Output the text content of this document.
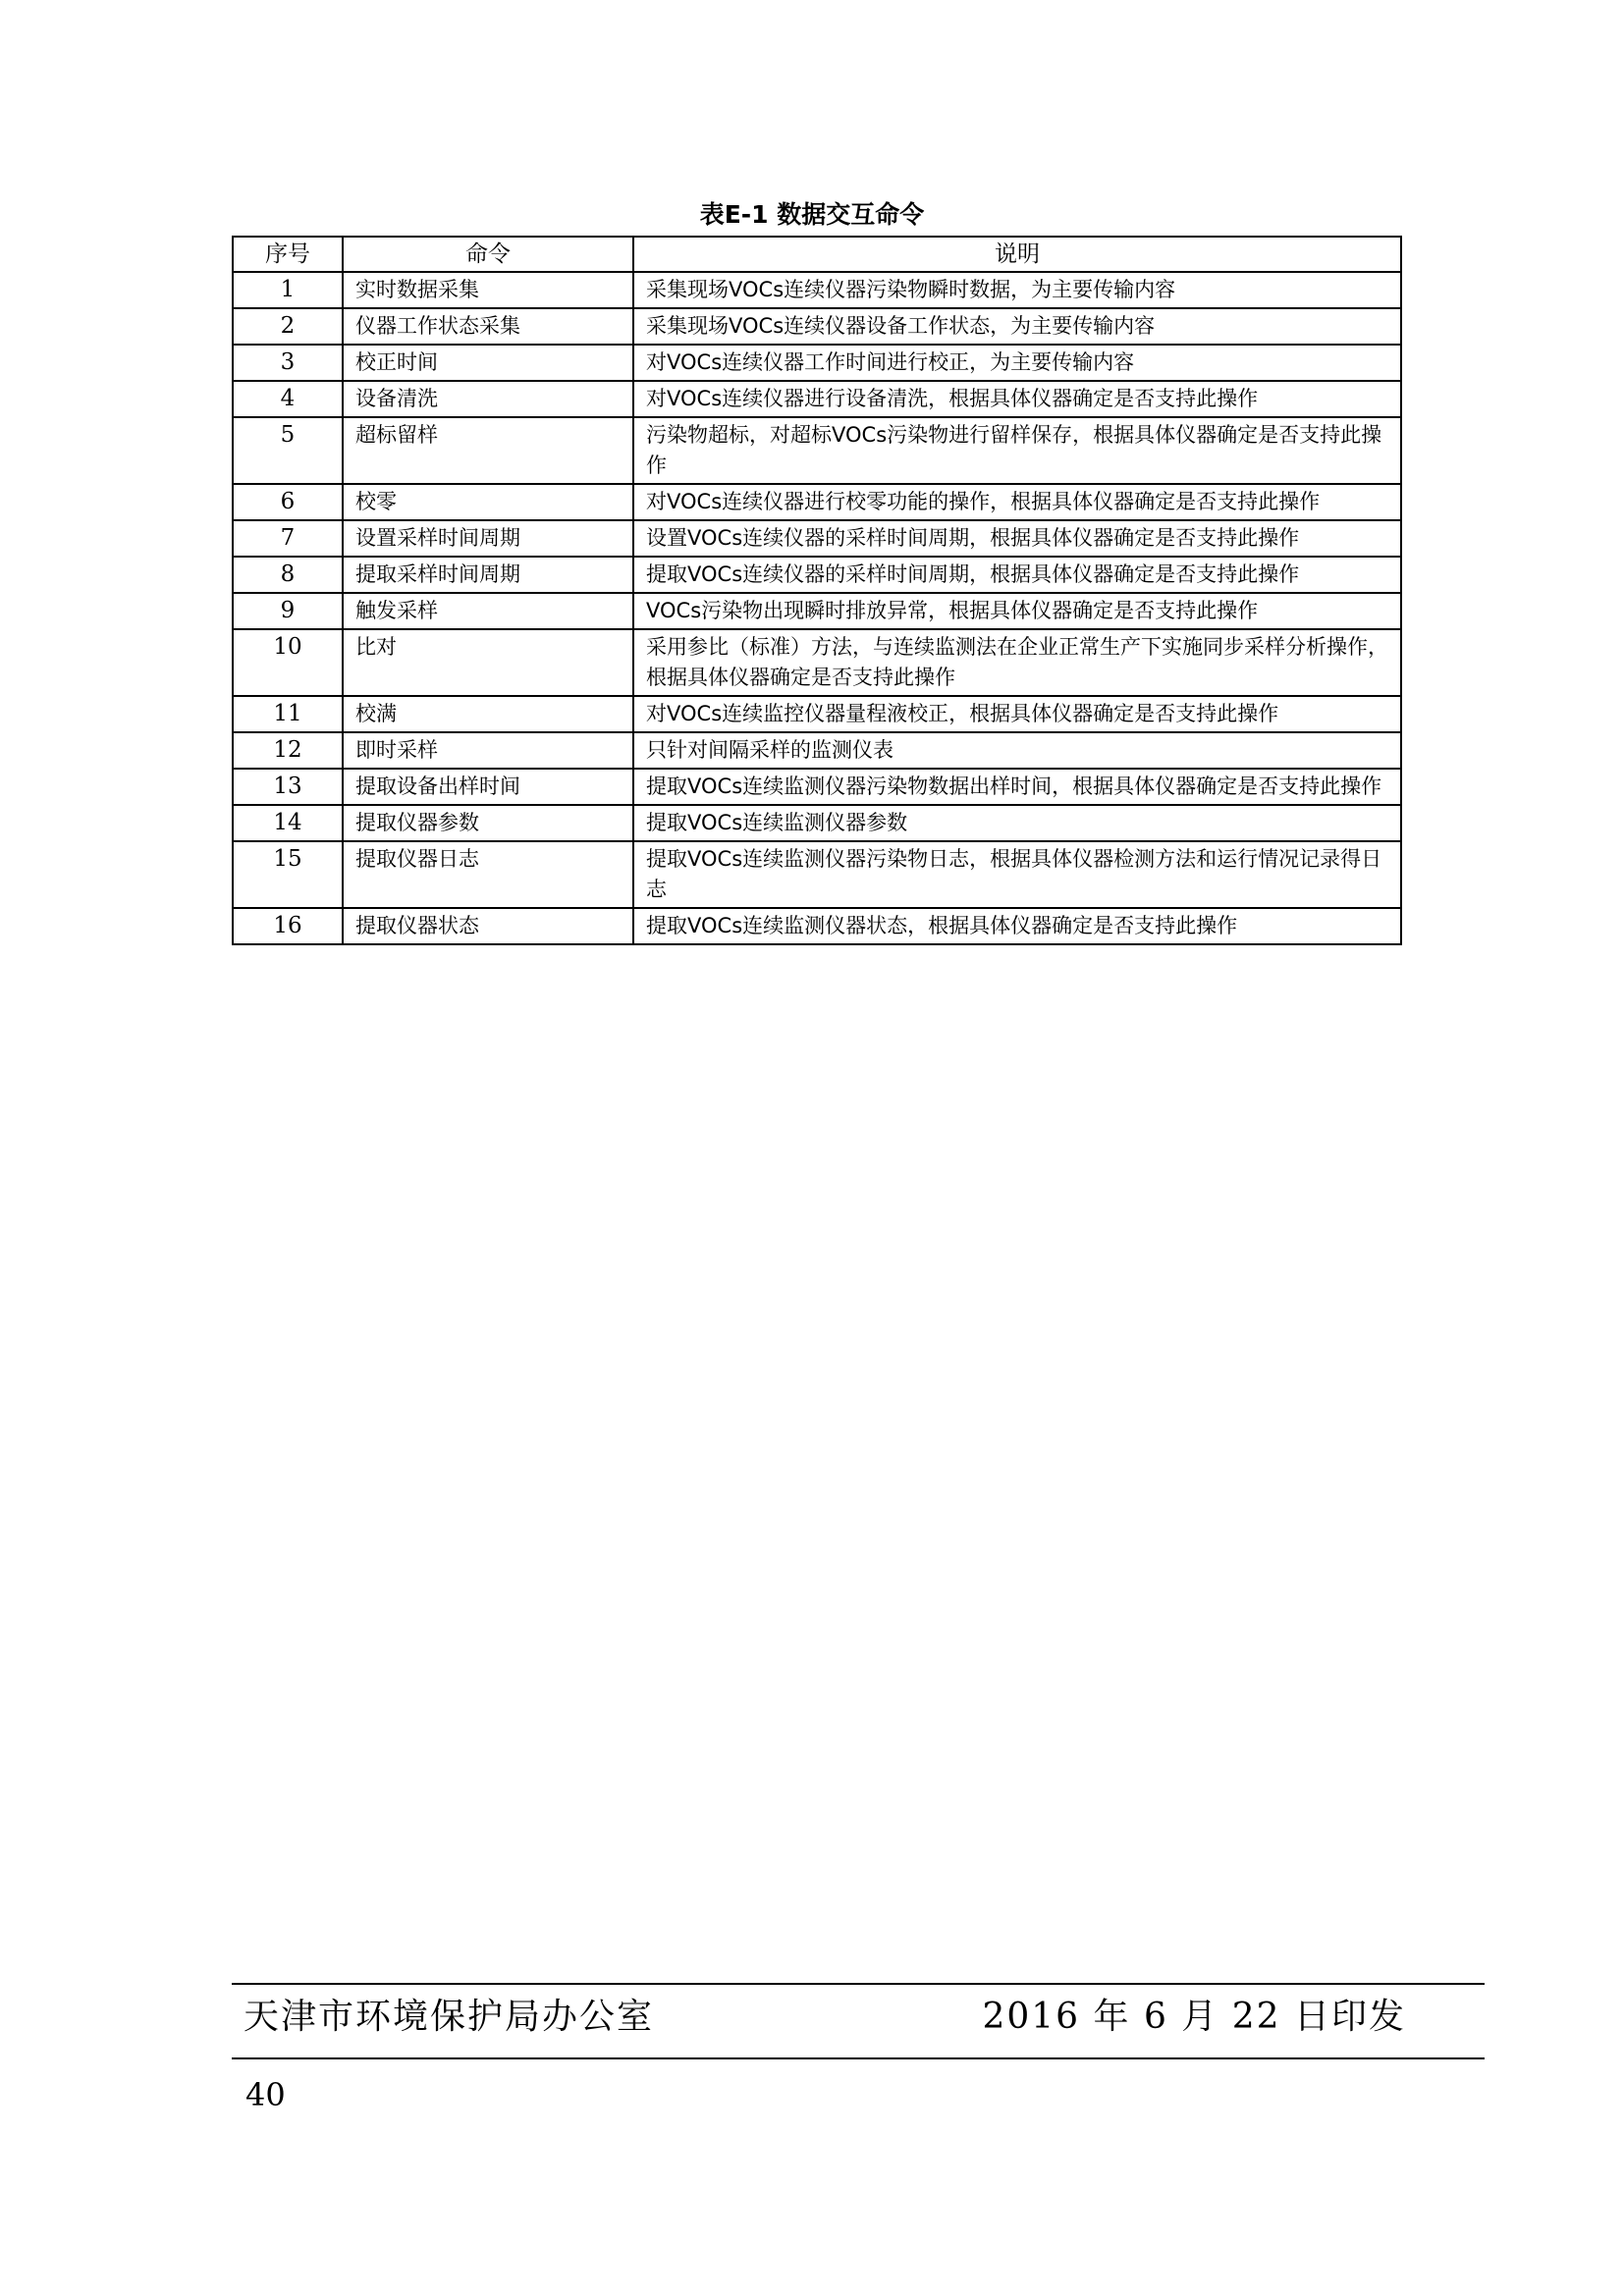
表E-1 数据交互命令
序号	命令	说明
1	实时数据采集	采集现场VOCs连续仪器污染物瞬时数据，为主要传输内容
2	仪器工作状态采集	采集现场VOCs连续仪器设备工作状态，为主要传输内容
3	校正时间	对VOCs连续仪器工作时间进行校正，为主要传输内容
4	设备清洗	对VOCs连续仪器进行设备清洗，根据具体仪器确定是否支持此操作
5	超标留样	污染物超标，对超标VOCs污染物进行留样保存，根据具体仪器确定是否支持此操作
6	校零	对VOCs连续仪器进行校零功能的操作，根据具体仪器确定是否支持此操作
7	设置采样时间周期	设置VOCs连续仪器的采样时间周期，根据具体仪器确定是否支持此操作
8	提取采样时间周期	提取VOCs连续仪器的采样时间周期，根据具体仪器确定是否支持此操作
9	触发采样	VOCs污染物出现瞬时排放异常，根据具体仪器确定是否支持此操作
10	比对	采用参比（标准）方法，与连续监测法在企业正常生产下实施同步采样分析操作，
根据具体仪器确定是否支持此操作
11	校满	对VOCs连续监控仪器量程液校正，根据具体仪器确定是否支持此操作
12	即时采样	只针对间隔采样的监测仪表
13	提取设备出样时间	提取VOCs连续监测仪器污染物数据出样时间，根据具体仪器确定是否支持此操作
14	提取仪器参数	提取VOCs连续监测仪器参数
15	提取仪器日志	提取VOCs连续监测仪器污染物日志，根据具体仪器检测方法和运行情况记录得日志
16	提取仪器状态	提取VOCs连续监测仪器状态，根据具体仪器确定是否支持此操作
天津市环境保护局办公室	2016 年 6 月 22 日印发
40
